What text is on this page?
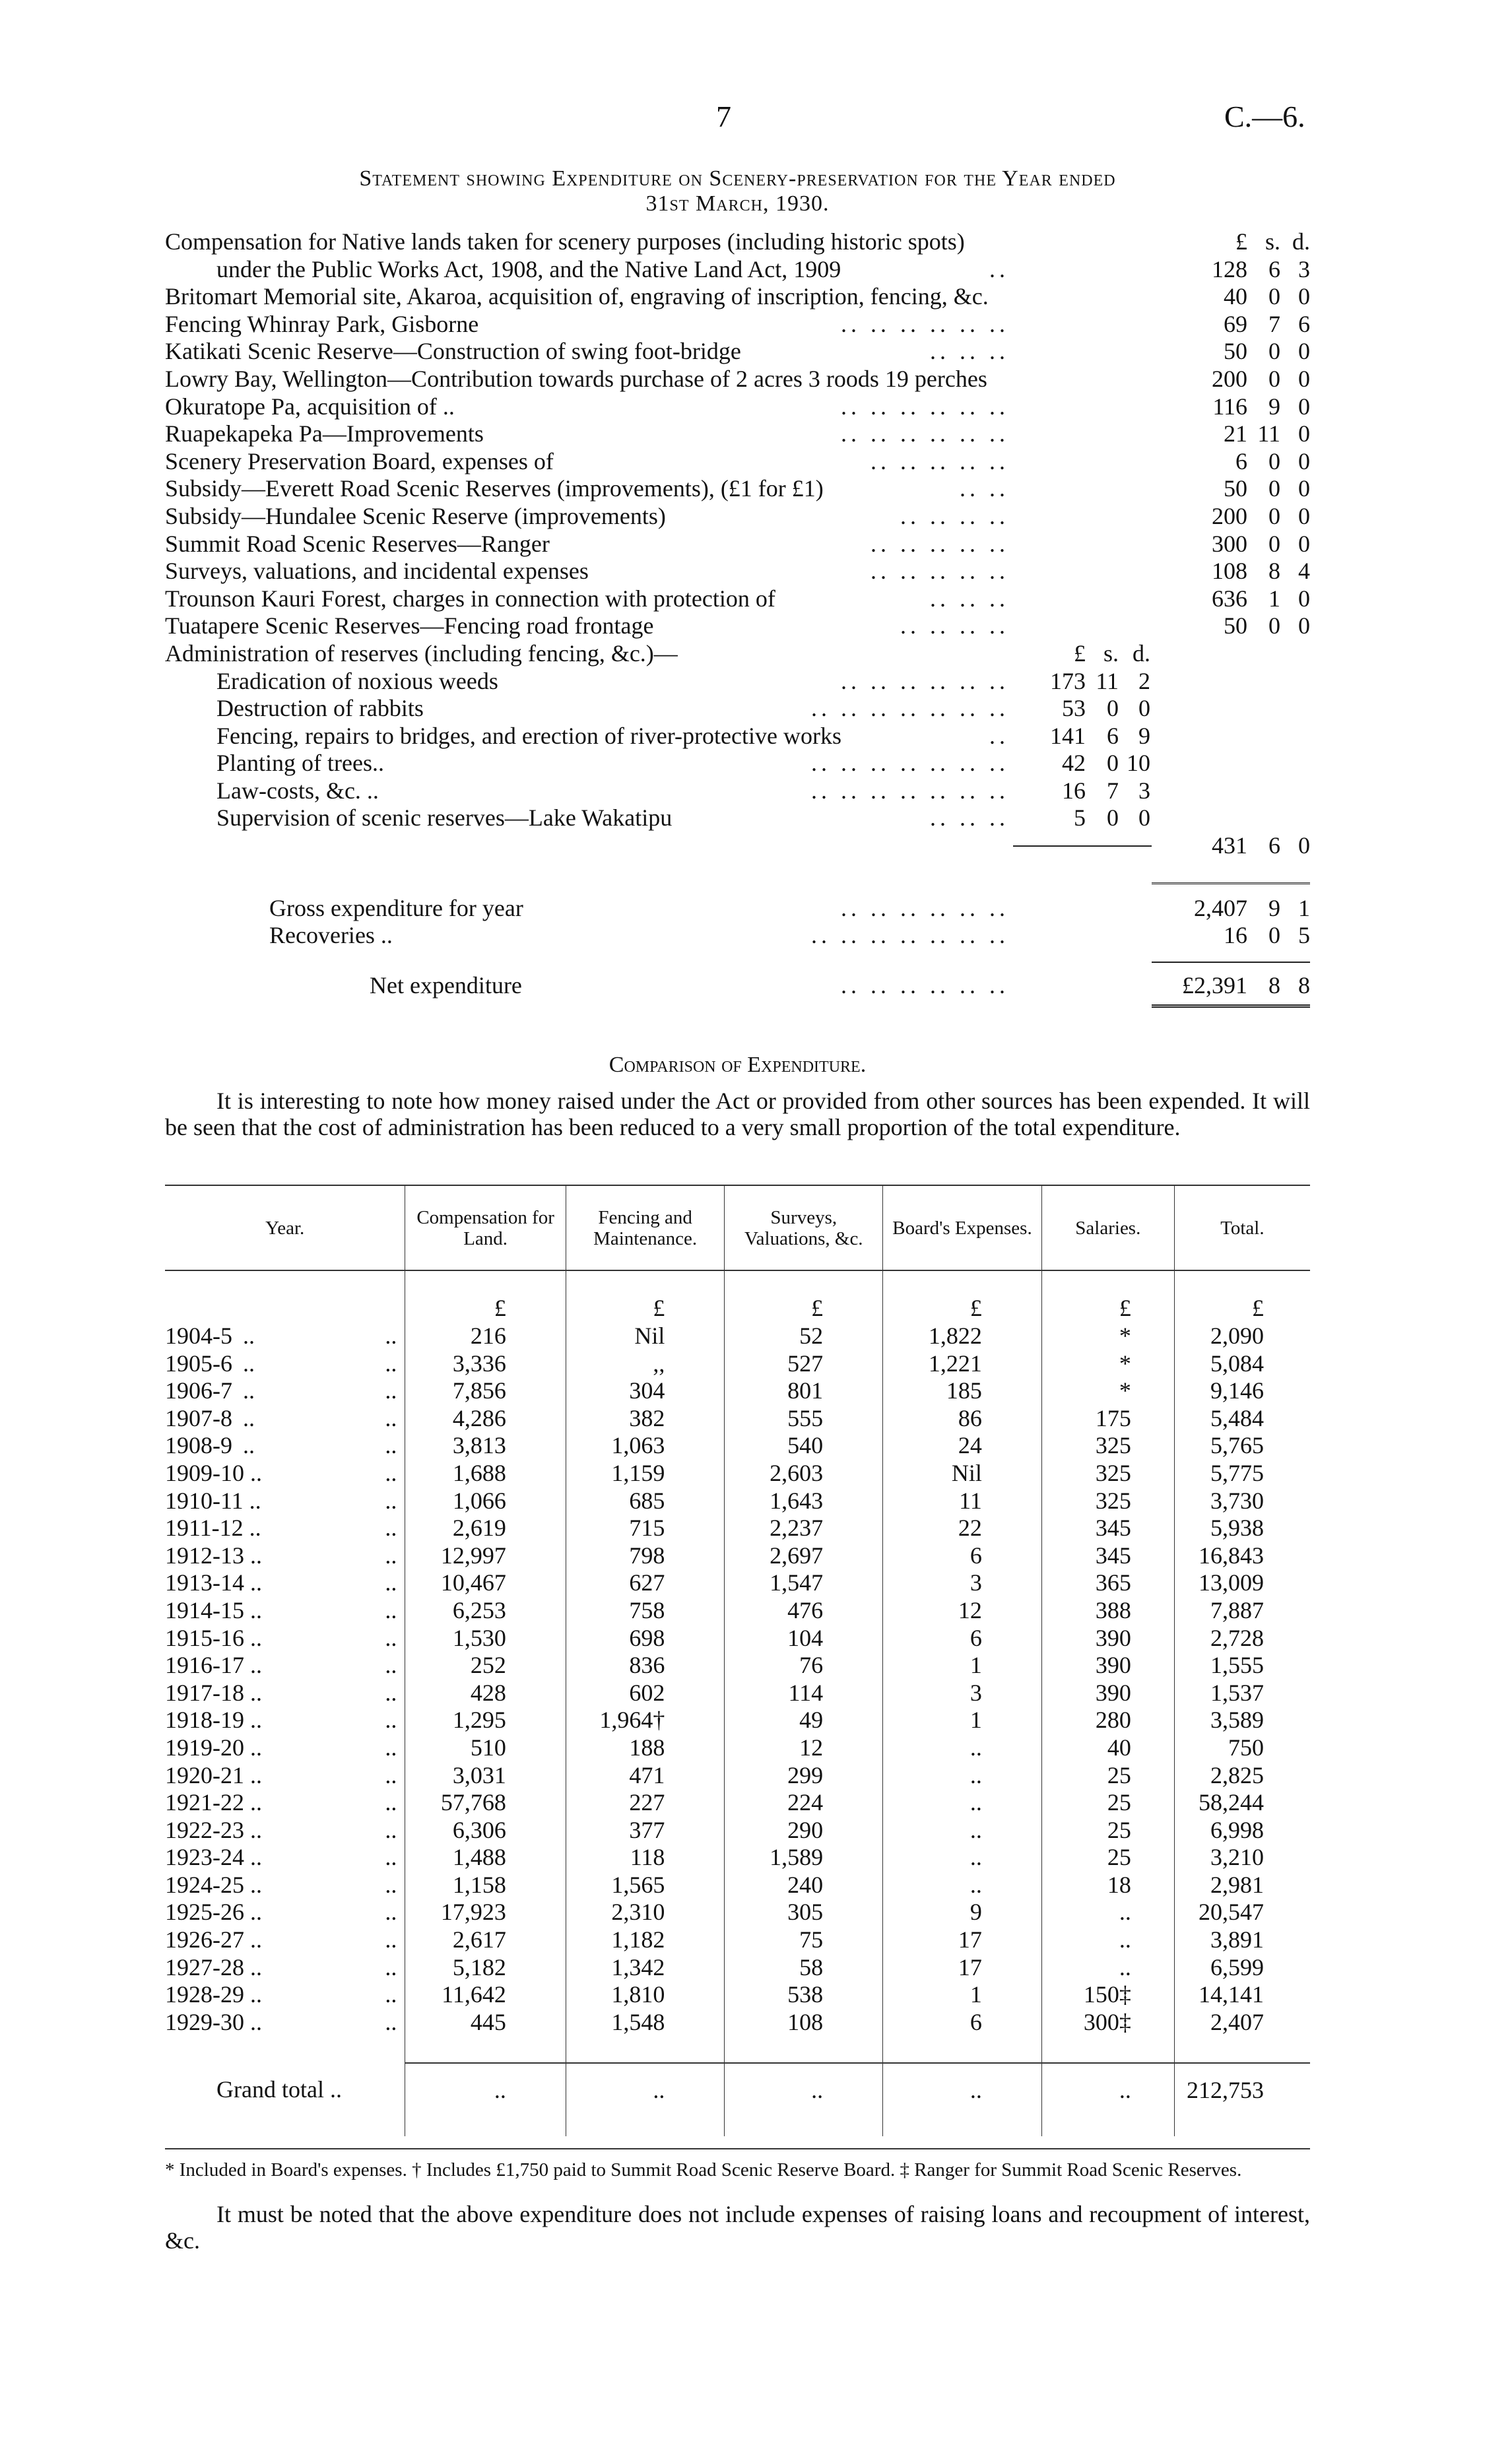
7	C.—6.
Statement showing Expenditure on Scenery-preservation for the Year ended
31st March, 1930.
Compensation for Native lands taken for scenery purposes (including historic spots)	£ s. d.
under the Public Works Act, 1908, and the Native Land Act, 1909	..	128 6 3
Britomart Memorial site, Akaroa, acquisition of, engraving of inscription, fencing, &c.	40 0 0
Fencing Whinray Park, Gisborne	.. .. .. .. .. ..	69 7 6
Katikati Scenic Reserve—Construction of swing foot-bridge	.. .. ..	50 0 0
Lowry Bay, Wellington—Contribution towards purchase of 2 acres 3 roods 19 perches	200 0 0
Okuratope Pa, acquisition of ..	.. .. .. .. .. ..	116 9 0
Ruapekapeka Pa—Improvements	.. .. .. .. .. ..	21 11 0
Scenery Preservation Board, expenses of	.. .. .. .. ..	6 0 0
Subsidy—Everett Road Scenic Reserves (improvements), (£1 for £1)	.. ..	50 0 0
Subsidy—Hundalee Scenic Reserve (improvements)	.. .. .. ..	200 0 0
Summit Road Scenic Reserves—Ranger	.. .. .. .. ..	300 0 0
Surveys, valuations, and incidental expenses	.. .. .. .. ..	108 8 4
Trounson Kauri Forest, charges in connection with protection of	.. .. ..	636 1 0
Tuatapere Scenic Reserves—Fencing road frontage	.. .. .. ..	50 0 0
Administration of reserves (including fencing, &c.)—	£ s. d.
Eradication of noxious weeds	.. .. .. .. .. ..	173 11 2
Destruction of rabbits	.. .. .. .. .. .. ..	53 0 0
Fencing, repairs to bridges, and erection of river-protective works	..	141 6 9
Planting of trees..	.. .. .. .. .. .. ..	42 0 10
Law-costs, &c. ..	.. .. .. .. .. .. ..	16 7 3
Supervision of scenic reserves—Lake Wakatipu	.. .. ..	5 0 0
431 6 0
Gross expenditure for year	.. .. .. .. .. ..	2,407 9 1
Recoveries ..	.. .. .. .. .. .. ..	16 0 5
Net expenditure	.. .. .. .. .. ..	£2,391 8 8
Comparison of Expenditure.
It is interesting to note how money raised under the Act or provided from other sources has been expended. It will be seen that the cost of administration has been reduced to a very small proportion of the total expenditure.
Year.	Compensation for Land.	Fencing and Maintenance.	Surveys, Valuations, &c.	Board's Expenses.	Salaries.	Total.
	£	£	£	£	£	£
1904-5 .. ..	216	Nil	52	1,822	*	2,090
1905-6 .. ..	3,336	,,	527	1,221	*	5,084
1906-7 .. ..	7,856	304	801	185	*	9,146
1907-8 .. ..	4,286	382	555	86	175	5,484
1908-9 .. ..	3,813	1,063	540	24	325	5,765
1909-10 .. ..	1,688	1,159	2,603	Nil	325	5,775
1910-11 .. ..	1,066	685	1,643	11	325	3,730
1911-12 .. ..	2,619	715	2,237	22	345	5,938
1912-13 .. ..	12,997	798	2,697	6	345	16,843
1913-14 .. ..	10,467	627	1,547	3	365	13,009
1914-15 .. ..	6,253	758	476	12	388	7,887
1915-16 .. ..	1,530	698	104	6	390	2,728
1916-17 .. ..	252	836	76	1	390	1,555
1917-18 .. ..	428	602	114	3	390	1,537
1918-19 .. ..	1,295	1,964†	49	1	280	3,589
1919-20 .. ..	510	188	12	..	40	750
1920-21 .. ..	3,031	471	299	..	25	2,825
1921-22 .. ..	57,768	227	224	..	25	58,244
1922-23 .. ..	6,306	377	290	..	25	6,998
1923-24 .. ..	1,488	118	1,589	..	25	3,210
1924-25 .. ..	1,158	1,565	240	..	18	2,981
1925-26 .. ..	17,923	2,310	305	9	..	20,547
1926-27 .. ..	2,617	1,182	75	17	..	3,891
1927-28 .. ..	5,182	1,342	58	17	..	6,599
1928-29 .. ..	11,642	1,810	538	1	150‡	14,141
1929-30 .. ..	445	1,548	108	6	300‡	2,407

Grand total ..	..	..	..	..	..	212,753

* Included in Board's expenses. † Includes £1,750 paid to Summit Road Scenic Reserve Board. ‡ Ranger for Summit Road Scenic Reserves.
It must be noted that the above expenditure does not include expenses of raising loans and recoupment of interest, &c.
